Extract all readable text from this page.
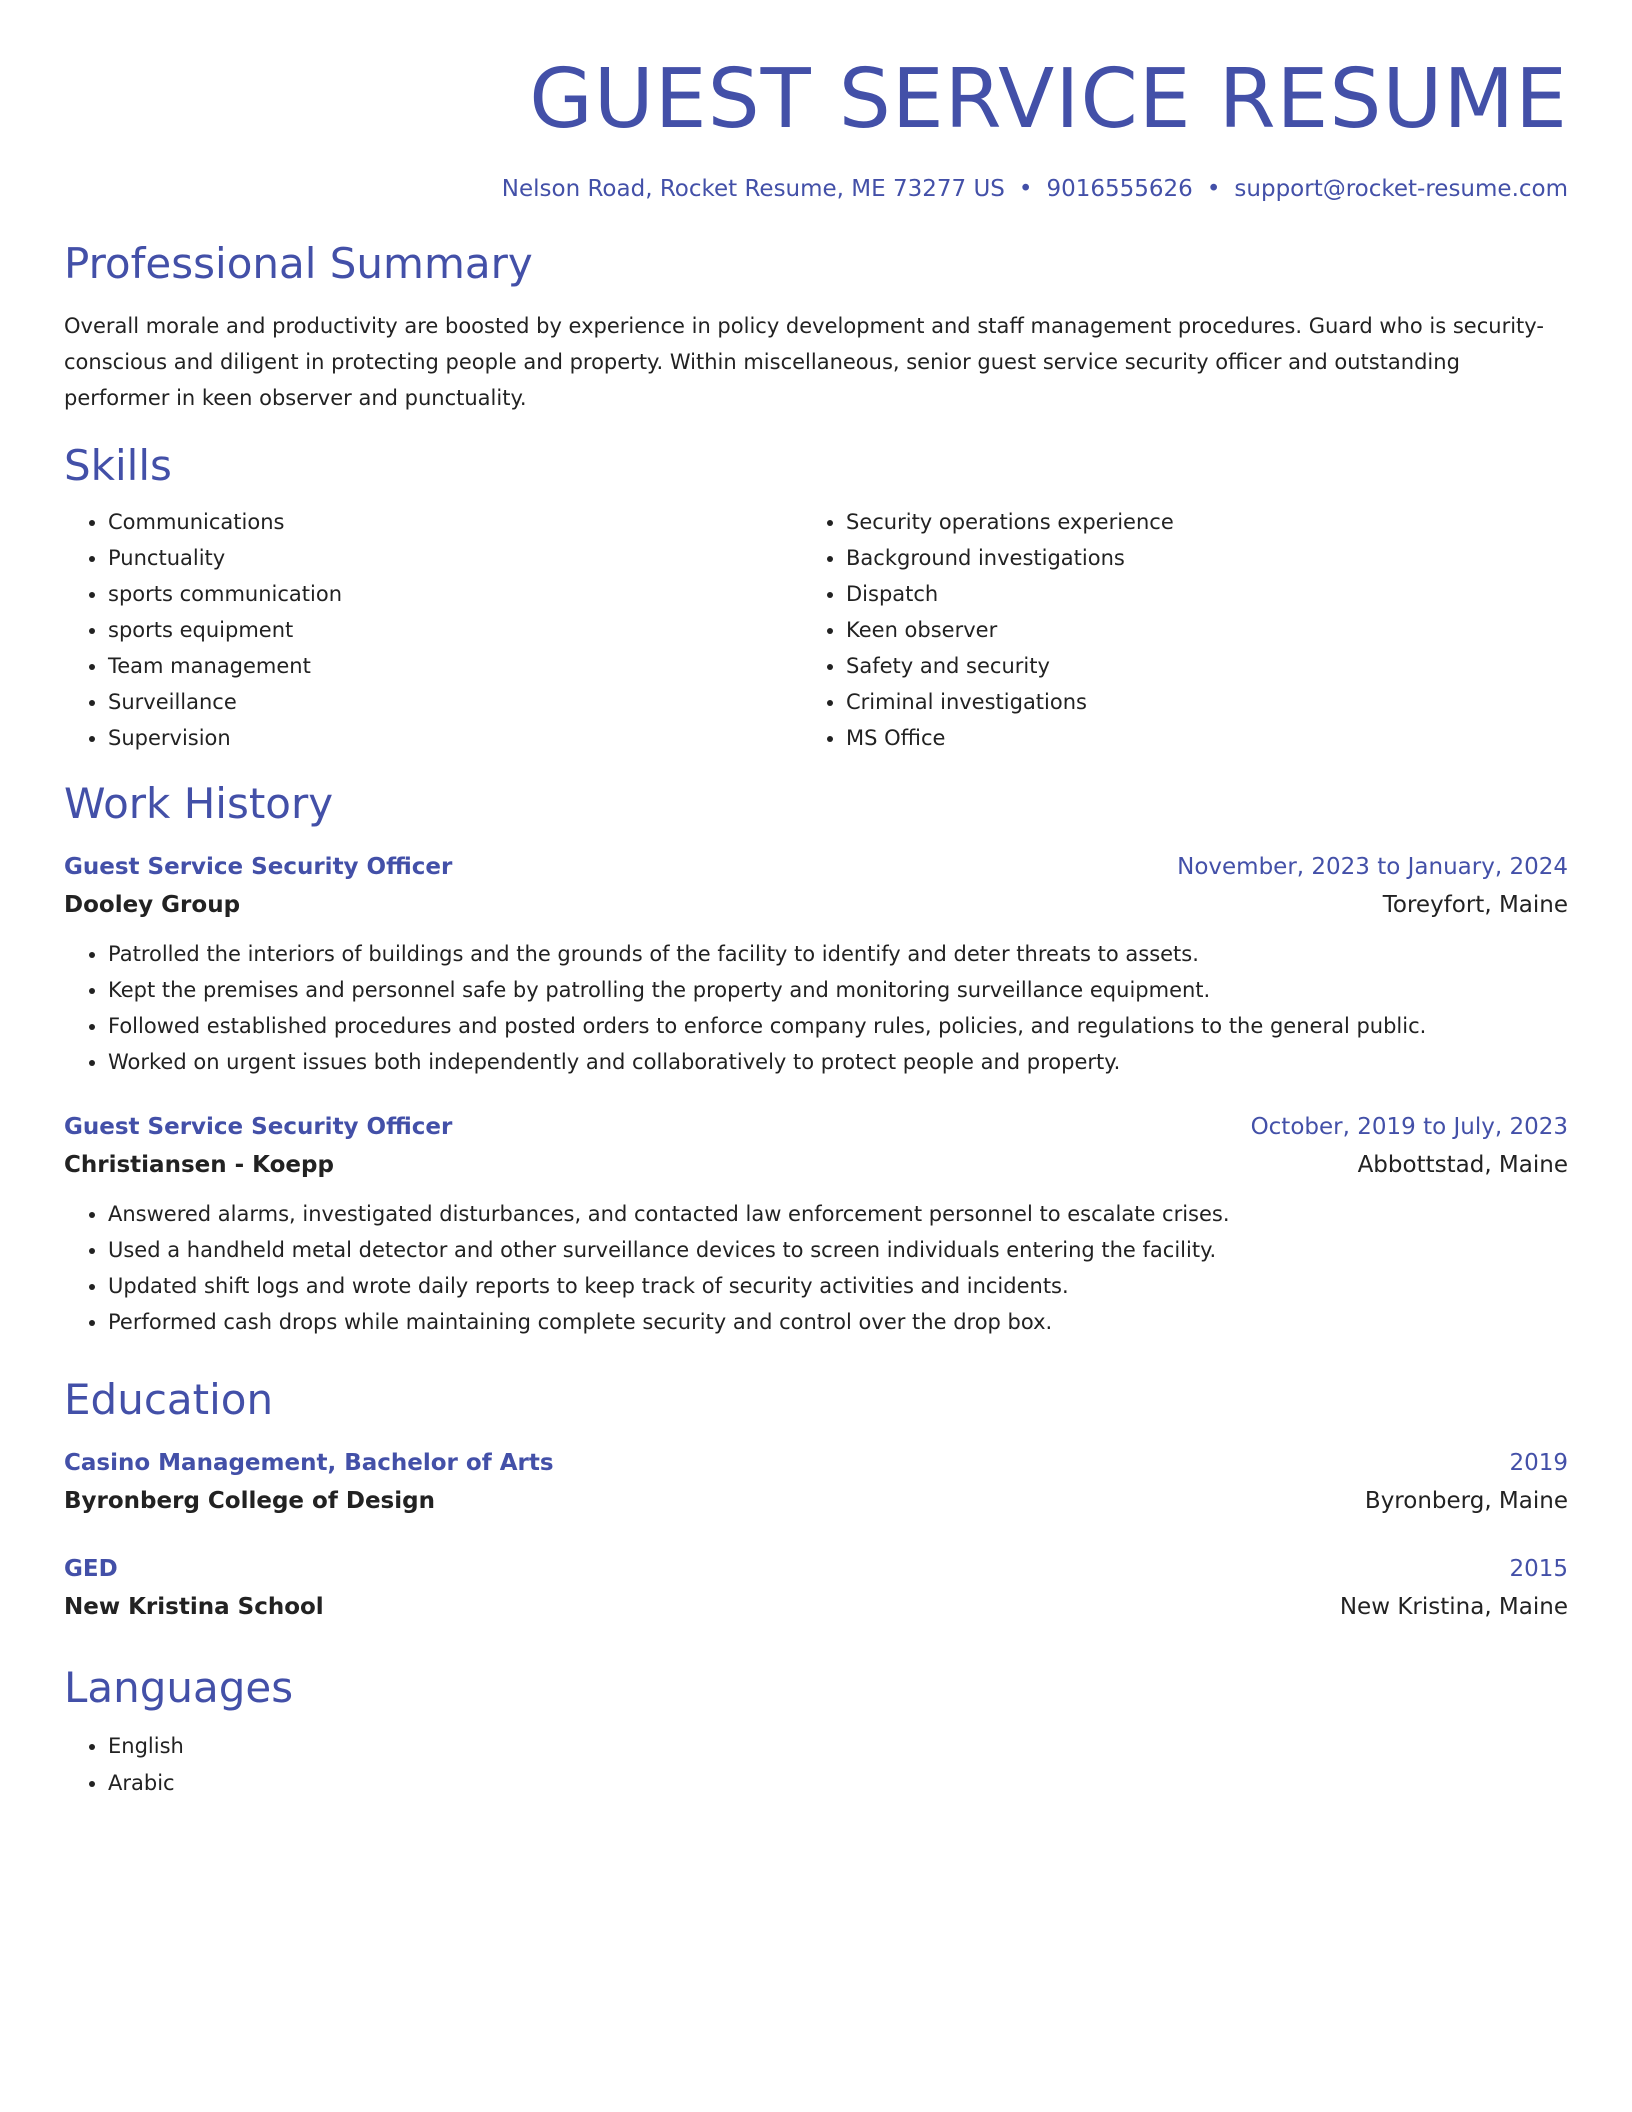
GUEST SERVICE RESUME
Nelson Road, Rocket Resume, ME 73277 US • 9016555626 • support@rocket-resume.com
Professional Summary
Overall morale and productivity are boosted by experience in policy development and staff management procedures. Guard who is security-conscious and diligent in protecting people and property. Within miscellaneous, senior guest service security officer and outstanding performer in keen observer and punctuality.
Skills
• Communications
• Punctuality
• sports communication
• sports equipment
• Team management
• Surveillance
• Supervision
• Security operations experience
• Background investigations
• Dispatch
• Keen observer
• Safety and security
• Criminal investigations
• MS Office
Work History
Guest Service Security Officer	November, 2023 to January, 2024
Dooley Group	Toreyfort, Maine
• Patrolled the interiors of buildings and the grounds of the facility to identify and deter threats to assets.
• Kept the premises and personnel safe by patrolling the property and monitoring surveillance equipment.
• Followed established procedures and posted orders to enforce company rules, policies, and regulations to the general public.
• Worked on urgent issues both independently and collaboratively to protect people and property.
Guest Service Security Officer	October, 2019 to July, 2023
Christiansen - Koepp	Abbottstad, Maine
• Answered alarms, investigated disturbances, and contacted law enforcement personnel to escalate crises.
• Used a handheld metal detector and other surveillance devices to screen individuals entering the facility.
• Updated shift logs and wrote daily reports to keep track of security activities and incidents.
• Performed cash drops while maintaining complete security and control over the drop box.
Education
Casino Management, Bachelor of Arts	2019
Byronberg College of Design	Byronberg, Maine
GED	2015
New Kristina School	New Kristina, Maine
Languages
• English
• Arabic
